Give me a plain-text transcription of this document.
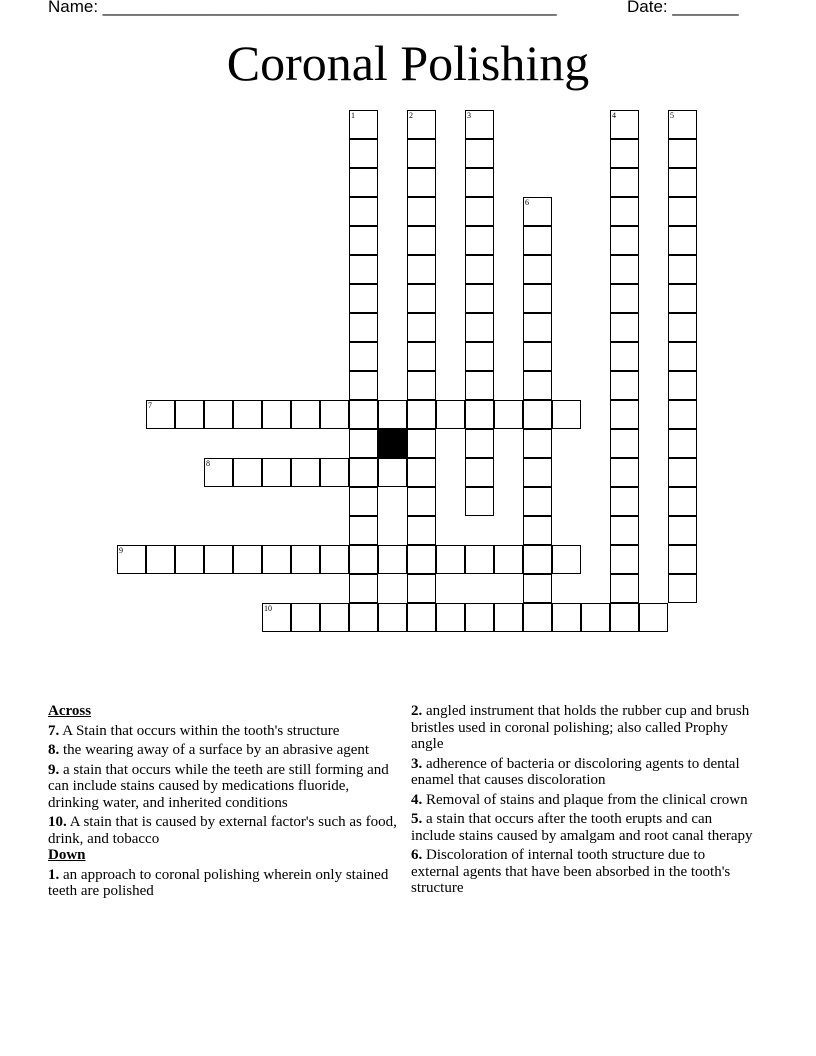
Name: ________________________________________________	Date: _______
Coronal Polishing
7
8
9
10
1	2	3	4	5
6
Across
7. A Stain that occurs within the tooth's structure
8. the wearing away of a surface by an abrasive agent
9. a stain that occurs while the teeth are still forming and can include stains caused by medications fluoride, drinking water, and inherited conditions
10. A stain that is caused by external factor's such as food, drink, and tobacco
Down
1. an approach to coronal polishing wherein only stained teeth are polished
2. angled instrument that holds the rubber cup and brush bristles used in coronal polishing; also called Prophy angle
3. adherence of bacteria or discoloring agents to dental enamel that causes discoloration
4. Removal of stains and plaque from the clinical crown
5. a stain that occurs after the tooth erupts and can include stains caused by amalgam and root canal therapy
6. Discoloration of internal tooth structure due to external agents that have been absorbed in the tooth's structure
